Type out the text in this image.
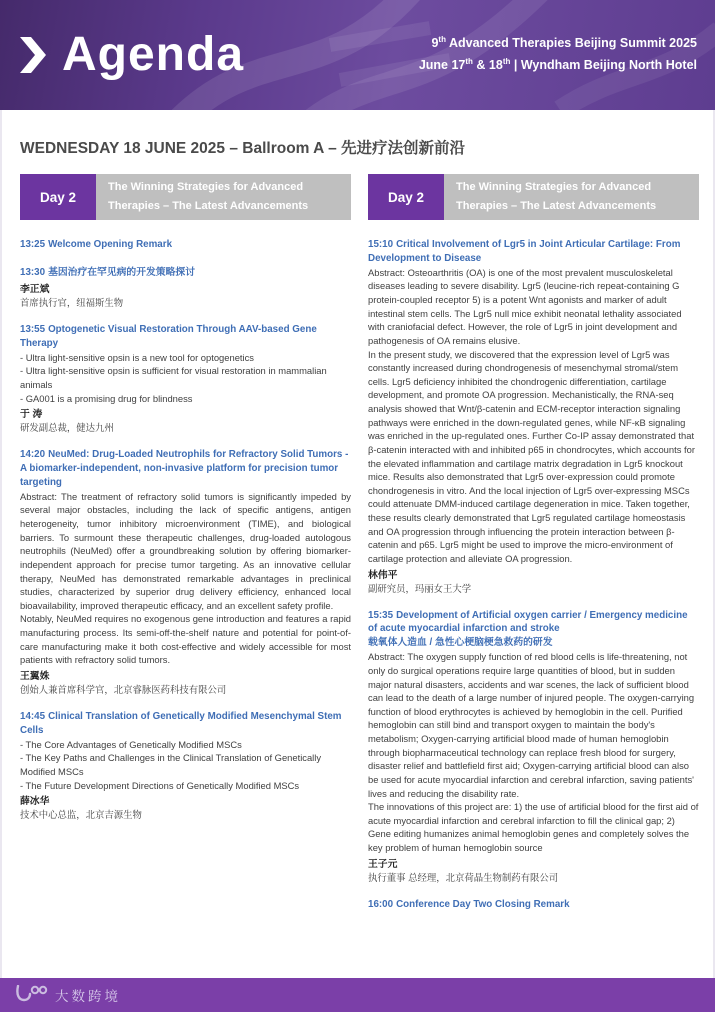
Agenda	9th Advanced Therapies Beijing Summit 2025
June 17th & 18th | Wyndham Beijing North Hotel
WEDNESDAY 18 JUNE 2025 – Ballroom A – 先进疗法创新前沿
Day 2
The Winning Strategies for Advanced Therapies – The Latest Advancements
Day 2
The Winning Strategies for Advanced Therapies – The Latest Advancements
13:25 Welcome Opening Remark
13:30 基因治疗在罕见病的开发策略探讨
李正斌
首席执行官，纽福斯生物
13:55 Optogenetic Visual Restoration Through AAV-based Gene Therapy
- Ultra light-sensitive opsin is a new tool for optogenetics
- Ultra light-sensitive opsin is sufficient for visual restoration in mammalian animals
- GA001 is a promising drug for blindness
于 涛
研发副总裁，健达九州
14:20 NeuMed: Drug-Loaded Neutrophils for Refractory Solid Tumors - A biomarker-independent, non-invasive platform for precision tumor targeting

Abstract: The treatment of refractory solid tumors is significantly impeded by several major obstacles, including the lack of specific antigens, antigen heterogeneity, tumor inhibitory microenvironment (TIME), and biological barriers. To surmount these therapeutic challenges, drug-loaded autologous neutrophils (NeuMed) offer a groundbreaking solution by offering biomarker-independent approach for precise tumor targeting. As an innovative cellular therapy, NeuMed has demonstrated remarkable advantages in preclinical studies, characterized by superior drug delivery efficiency, enhanced local bioavailability, improved therapeutic efficacy, and an excellent safety profile.

Notably, NeuMed requires no exogenous gene introduction and features a rapid manufacturing process. Its semi-off-the-shelf nature and potential for point-of-care manufacturing make it both cost-effective and widely accessible for most patients with refractory solid tumors.

王翼姝
创始人兼首席科学官，北京睿脉医药科技有限公司
14:45 Clinical Translation of Genetically Modified Mesenchymal Stem Cells
- The Core Advantages of Genetically Modified MSCs
- The Key Paths and Challenges in the Clinical Translation of Genetically Modified MSCs
- The Future Development Directions of Genetically Modified MSCs
薛冰华
技术中心总监，北京吉源生物
15:10 Critical Involvement of Lgr5 in Joint Articular Cartilage: From Development to Disease

Abstract: Osteoarthritis (OA) is one of the most prevalent musculoskeletal diseases leading to severe disability. Lgr5 (leucine-rich repeat-containing G protein-coupled receptor 5) is a potent Wnt agonists and marker of adult intestinal stem cells. The Lgr5 null mice exhibit neonatal lethality associated with craniofacial defect. However, the role of Lgr5 in joint development and pathogenesis of OA remains elusive.

In the present study, we discovered that the expression level of Lgr5 was constantly increased during chondrogenesis of mesenchymal stromal/stem cells. Lgr5 deficiency inhibited the chondrogenic differentiation, cartilage development, and promote OA progression. Mechanistically, the RNA-seq analysis showed that Wnt/β-catenin and ECM-receptor interaction signaling pathways were enriched in the down-regulated genes, while NF-κB signaling was enriched in the up-regulated ones. Further Co-IP assay demonstrated that β-catenin interacted with and inhibited p65 in chondrocytes, which accounts for the elevated inflammation and cartilage matrix degradation in Lgr5 knockout mice. Results also demonstrated that Lgr5 over-expression could promote chondrogenesis in vitro. And the local injection of Lgr5 over-expressing MSCs could attenuate DMM-induced cartilage degeneration in mice. Taken together, these results clearly demonstrated that Lgr5 regulated cartilage homeostasis and OA progression through influencing the protein interaction between β-catenin and p65. Lgr5 might be used to improve the micro-environment of cartilage protection and alleviate OA progression.

林伟平
副研究员，玛丽女王大学
15:35 Development of Artificial oxygen carrier / Emergency medicine of acute myocardial infarction and stroke
载氧体人造血 / 急性心梗脑梗急救药的研发

Abstract: The oxygen supply function of red blood cells is life-threatening, not only do surgical operations require large quantities of blood, but in sudden major natural disasters, accidents and war scenes, the lack of sufficient blood can lead to the death of a large number of injured people. The oxygen-carrying function of blood erythrocytes is achieved by hemoglobin in the cell. Purified hemoglobin can still bind and transport oxygen to maintain the body's metabolism; Oxygen-carrying artificial blood made of human hemoglobin through biopharmaceutical technology can replace fresh blood for surgery, disaster relief and battlefield first aid; Oxygen-carrying artificial blood can also be used for acute myocardial infarction and cerebral infarction, saving patients' lives and reducing the disability rate.

The innovations of this project are: 1) the use of artificial blood for the first aid of acute myocardial infarction and cerebral infarction to fill the clinical gap; 2) Gene editing humanizes animal hemoglobin genes and completely solves the key problem of human hemoglobin source

王子元
执行董事 总经理，北京荷晶生物制药有限公司
16:00 Conference Day Two Closing Remark
大数跨境
